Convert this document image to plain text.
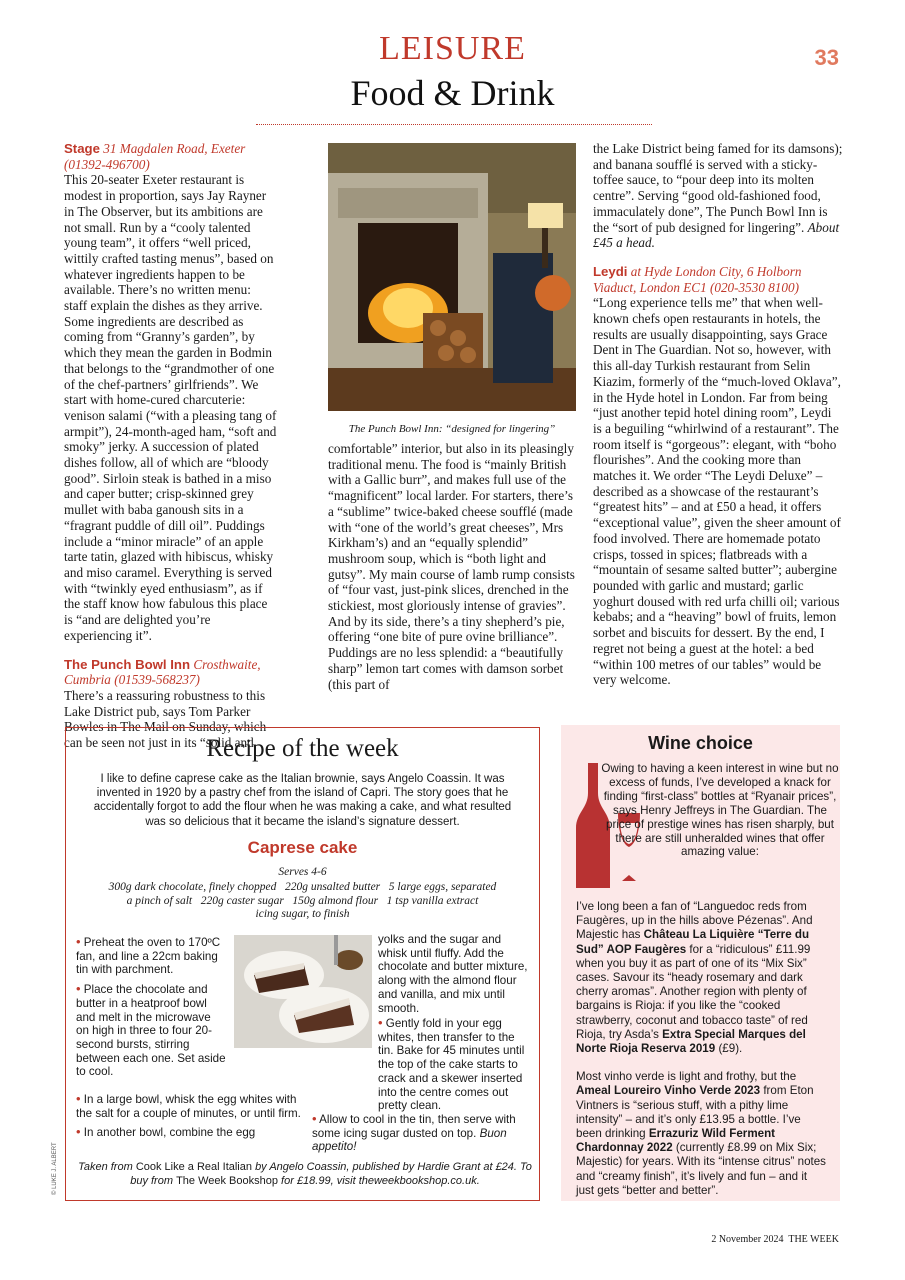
LEISURE	33
Food & Drink

Stage 31 Magdalen Road, Exeter (01392-496700)
This 20-seater Exeter restaurant is modest in proportion, says Jay Rayner in The Observer, but its ambitions are not small. Run by a “cooly talented young team”, it offers “well priced, wittily crafted tasting menus”, based on whatever ingredients happen to be available. There’s no written menu: staff explain the dishes as they arrive. Some ingredients are described as coming from “Granny’s garden”, by which they mean the garden in Bodmin that belongs to the “grandmother of one of the chef-partners’ girlfriends”. We start with home-cured charcuterie: venison salami (“with a pleasing tang of armpit”), 24-month-aged ham, “soft and smoky” jerky. A succession of plated dishes follow, all of which are “bloody good”. Sirloin steak is bathed in a miso and caper butter; crisp-skinned grey mullet with baba ganoush sits in a “fragrant puddle of dill oil”. Puddings include a “minor miracle” of an apple tarte tatin, glazed with hibiscus, whisky and miso caramel. Everything is served with “twinkly eyed enthusiasm”, as if the staff know how fabulous this place is “and are delighted you’re experiencing it”.

The Punch Bowl Inn Crosthwaite, Cumbria (01539-568237)
There’s a reassuring robustness to this Lake District pub, says Tom Parker Bowles in The Mail on Sunday, which can be seen not just in its “solid and

The Punch Bowl Inn: “designed for lingering”

comfortable” interior, but also in its pleasingly traditional menu. The food is “mainly British with a Gallic burr”, and makes full use of the “magnificent” local larder. For starters, there’s a “sublime” twice-baked cheese soufflé (made with “one of the world’s great cheeses”, Mrs Kirkham’s) and an “equally splendid” mushroom soup, which is “both light and gutsy”. My main course of lamb rump consists of “four vast, just-pink slices, drenched in the stickiest, most gloriously intense of gravies”. And by its side, there’s a tiny shepherd’s pie, offering “one bite of pure ovine brilliance”. Puddings are no less splendid: a “beautifully sharp” lemon tart comes with damson sorbet (this part of

the Lake District being famed for its damsons); and banana soufflé is served with a sticky-toffee sauce, to “pour deep into its molten centre”. Serving “good old-fashioned food, immaculately done”, The Punch Bowl Inn is the “sort of pub designed for lingering”. About £45 a head.

Leydi at Hyde London City, 6 Holborn Viaduct, London EC1 (020-3530 8100)
“Long experience tells me” that when well-known chefs open restaurants in hotels, the results are usually disappointing, says Grace Dent in The Guardian. Not so, however, with this all-day Turkish restaurant from Selin Kiazim, formerly of the “much-loved Oklava”, in the Hyde hotel in London. Far from being “just another tepid hotel dining room”, Leydi is a beguiling “whirlwind of a restaurant”. The room itself is “gorgeous”: elegant, with “boho flourishes”. And the cooking more than matches it. We order “The Leydi Deluxe” – described as a showcase of the restaurant’s “greatest hits” – and at £50 a head, it offers “exceptional value”, given the sheer amount of food involved. There are homemade potato crisps, tossed in spices; flatbreads with a “mountain of sesame salted butter”; aubergine pounded with garlic and mustard; garlic yoghurt doused with red urfa chilli oil; various kebabs; and a “heaving” bowl of fruits, lemon sorbet and biscuits for dessert. By the end, I regret not being a guest at the hotel: a bed “within 100 metres of our tables” would be very welcome.

Recipe of the week
I like to define caprese cake as the Italian brownie, says Angelo Coassin. It was invented in 1920 by a pastry chef from the island of Capri. The story goes that he accidentally forgot to add the flour when he was making a cake, and what resulted was so delicious that it became the island’s signature dessert.
Caprese cake
Serves 4-6
300g dark chocolate, finely chopped   220g unsalted butter   5 large eggs, separated
a pinch of salt   220g caster sugar   150g almond flour   1 tsp vanilla extract
icing sugar, to finish
• Preheat the oven to 170ºC fan, and line a 22cm baking tin with parchment.
• Place the chocolate and butter in a heatproof bowl and melt in the microwave on high in three to four 20-second bursts, stirring between each one. Set aside to cool.
• In a large bowl, whisk the egg whites with the salt for a couple of minutes, or until firm.
• In another bowl, combine the egg
yolks and the sugar and whisk until fluffy. Add the chocolate and butter mixture, along with the almond flour and vanilla, and mix until smooth.
• Gently fold in your egg whites, then transfer to the tin. Bake for 45 minutes until the top of the cake starts to crack and a skewer inserted into the centre comes out pretty clean.
• Allow to cool in the tin, then serve with some icing sugar dusted on top. Buon appetito!
Taken from Cook Like a Real Italian by Angelo Coassin, published by Hardie Grant at £24. To buy from The Week Bookshop for £18.99, visit theweekbookshop.co.uk.
© LUKE J. ALBERT
Wine choice
Owing to having a keen interest in wine but no excess of funds, I’ve developed a knack for finding “first-class” bottles at “Ryanair prices”, says Henry Jeffreys in The Guardian. The price of prestige wines has risen sharply, but there are still unheralded wines that offer amazing value:

I’ve long been a fan of “Languedoc reds from Faugères, up in the hills above Pézenas”. And Majestic has Château La Liquière “Terre du Sud” AOP Faugères for a “ridiculous” £11.99 when you buy it as part of one of its “Mix Six” cases. Savour its “heady rosemary and dark cherry aromas”. Another region with plenty of bargains is Rioja: if you like the “cooked strawberry, coconut and tobacco taste” of red Rioja, try Asda’s Extra Special Marques del Norte Rioja Reserva 2019 (£9).

Most vinho verde is light and frothy, but the Ameal Loureiro Vinho Verde 2023 from Eton Vintners is “serious stuff, with a pithy lime intensity” – and it’s only £13.95 a bottle. I’ve been drinking Errazuriz Wild Ferment Chardonnay 2022 (currently £8.99 on Mix Six; Majestic) for years. With its “intense citrus” notes and “creamy finish”, it’s lively and fun – and it just gets “better and better”.

2 November 2024  THE WEEK
